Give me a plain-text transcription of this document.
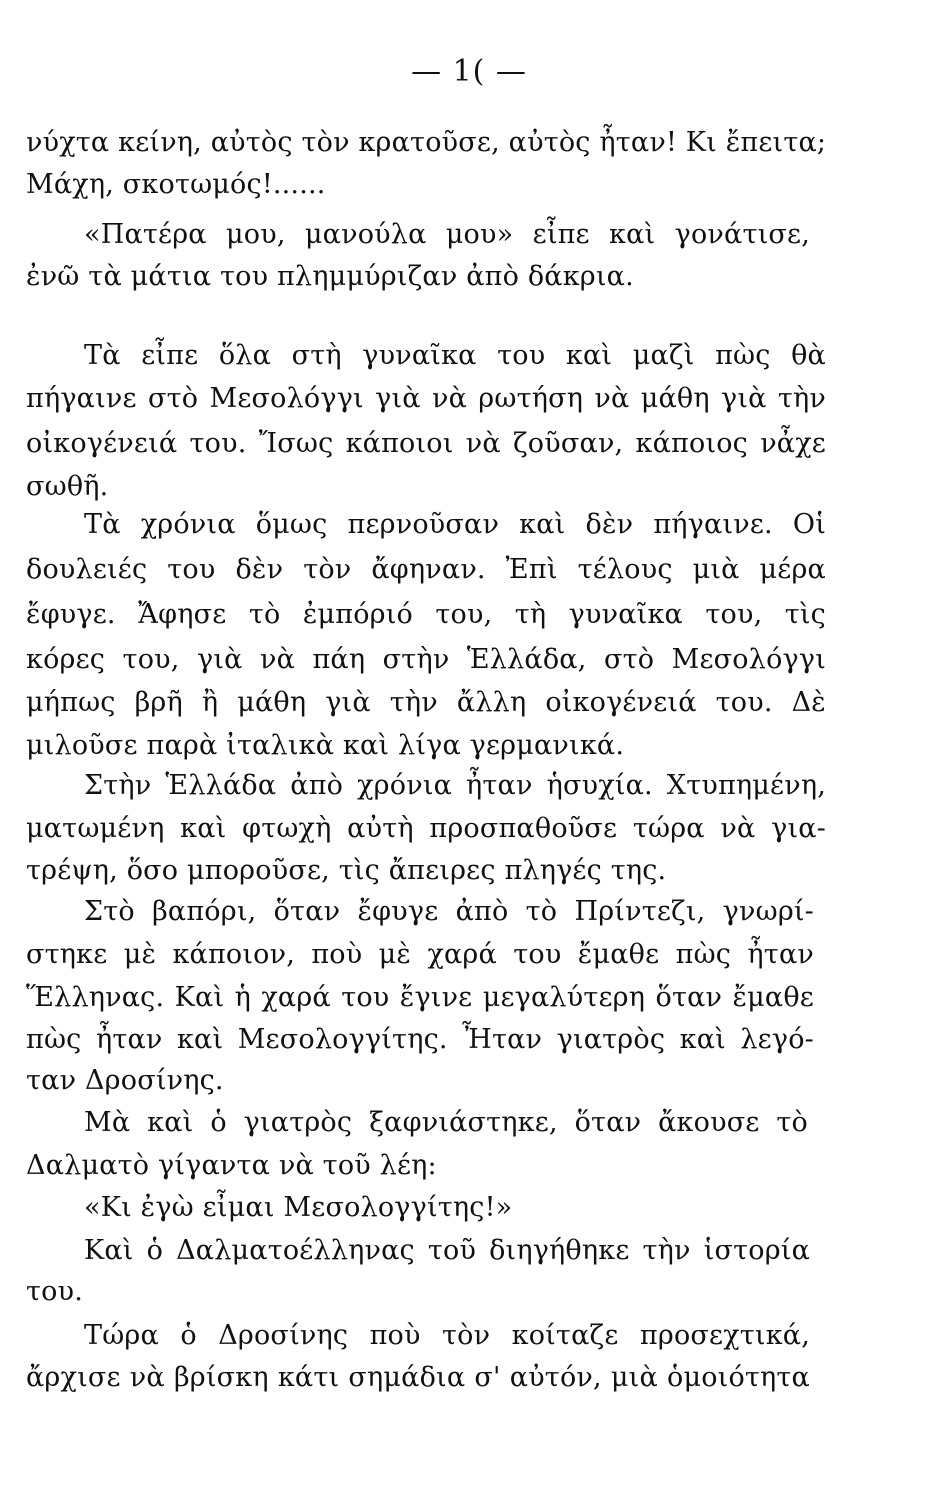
— 1( —
νύχτα κείνη, αὐτὸς τὸν κρατοῦσε, αὐτὸς ἦταν! Κι ἔπειτα;
Μάχη, σκοτωμός!......
«Πατέρα μου, μανούλα μου» εἶπε καὶ γονάτισε,
ἐνῶ τὰ μάτια του πλημμύριζαν ἀπὸ δάκρια.
Τὰ εἶπε ὅλα στὴ γυναῖκα του καὶ μαζὶ πὼς θὰ
πήγαινε στὸ Μεσολόγγι γιὰ νὰ ρωτήση νὰ μάθη γιὰ τὴν
οἰκογένειά του. Ἴσως κάποιοι νὰ ζοῦσαν, κάποιος νἆχε
σωθῆ.
Τὰ χρόνια ὅμως περνοῦσαν καὶ δὲν πήγαινε. Οἱ
δουλειές του δὲν τὸν ἄφηναν. Ἐπὶ τέλους μιὰ μέρα
ἔφυγε. Ἄφησε τὸ ἐμπόριό του, τὴ γυναῖκα του, τὶς
κόρες του, γιὰ νὰ πάη στὴν Ἑλλάδα, στὸ Μεσολόγγι
μήπως βρῆ ἢ μάθη γιὰ τὴν ἄλλη οἰκογένειά του. Δὲ
μιλοῦσε παρὰ ἰταλικὰ καὶ λίγα γερμανικά.
Στὴν Ἑλλάδα ἀπὸ χρόνια ἦταν ἡσυχία. Χτυπημένη,
ματωμένη καὶ φτωχὴ αὐτὴ προσπαθοῦσε τώρα νὰ για-
τρέψη, ὅσο μποροῦσε, τὶς ἄπειρες πληγές της.
Στὸ βαπόρι, ὅταν ἔφυγε ἀπὸ τὸ Πρίντεζι, γνωρί-
στηκε μὲ κάποιον, ποὺ μὲ χαρά του ἔμαθε πὼς ἦταν
Ἕλληνας. Καὶ ἡ χαρά του ἔγινε μεγαλύτερη ὅταν ἔμαθε
πὼς ἦταν καὶ Μεσολογγίτης. Ἦταν γιατρὸς καὶ λεγό-
ταν Δροσίνης.
Μὰ καὶ ὁ γιατρὸς ξαφνιάστηκε, ὅταν ἄκουσε τὸ
Δαλματὸ γίγαντα νὰ τοῦ λέη:
«Κι ἐγὼ εἶμαι Μεσολογγίτης!»
Καὶ ὁ Δαλματοέλληνας τοῦ διηγήθηκε τὴν ἱστορία
του.
Τώρα ὁ Δροσίνης ποὺ τὸν κοίταζε προσεχτικά,
ἄρχισε νὰ βρίσκη κάτι σημάδια σ' αὐτόν, μιὰ ὁμοιότητα
